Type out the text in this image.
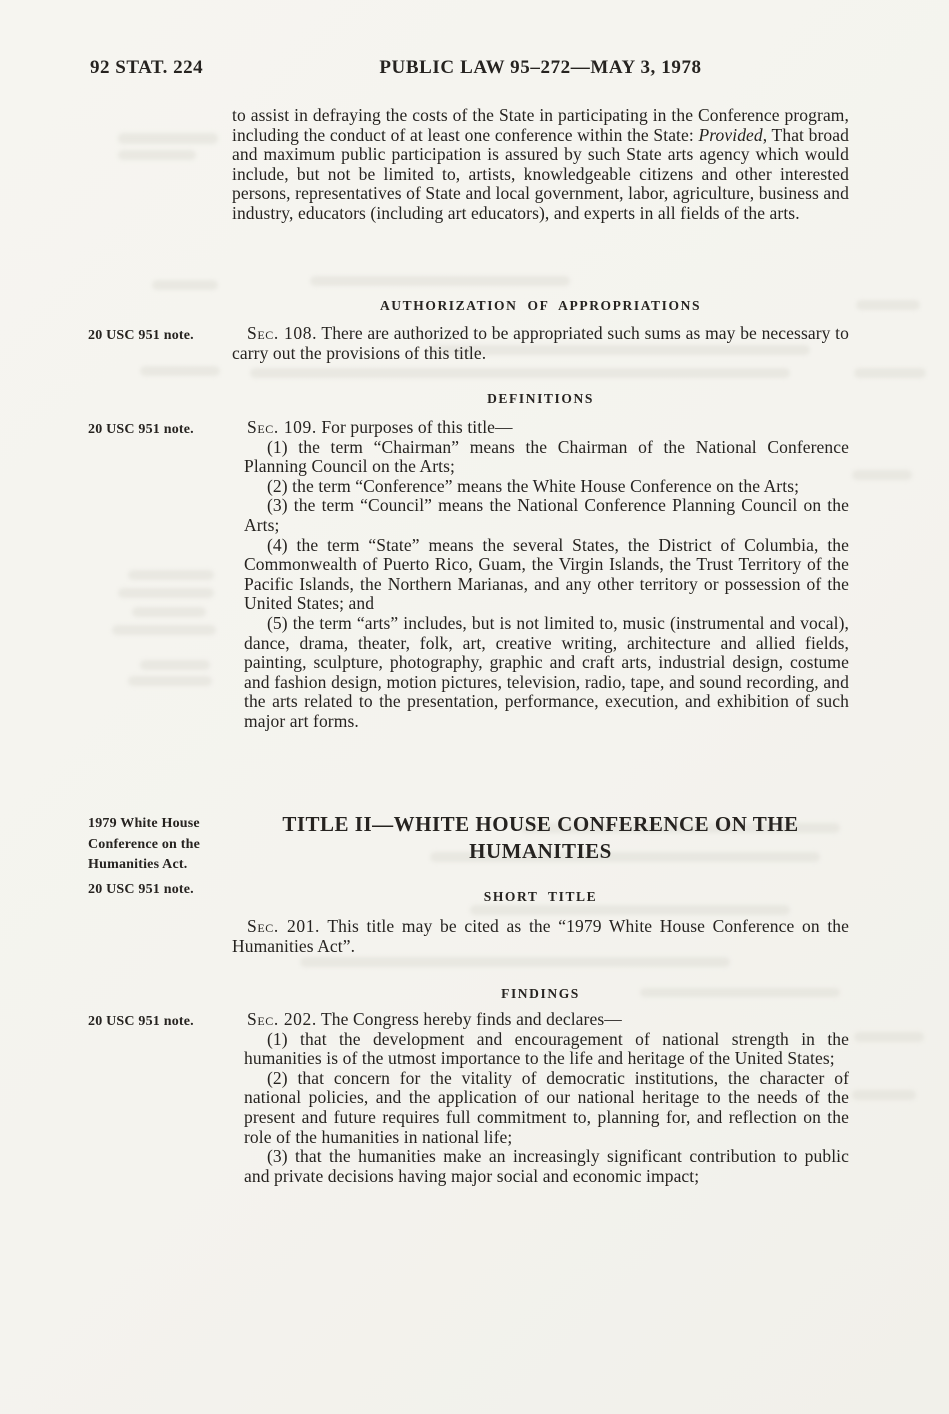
92 STAT. 224	PUBLIC LAW 95–272—MAY 3, 1978

to assist in defraying the costs of the State in participating in the Conference program, including the conduct of at least one conference within the State: Provided, That broad and maximum public participation is assured by such State arts agency which would include, but not be limited to, artists, knowledgeable citizens and other interested persons, representatives of State and local government, labor, agriculture, business and industry, educators (including art educators), and experts in all fields of the arts.

AUTHORIZATION OF APPROPRIATIONS

20 USC 951 note.	Sec. 108. There are authorized to be appropriated such sums as may be necessary to carry out the provisions of this title.

DEFINITIONS

20 USC 951 note.	Sec. 109. For purposes of this title—

(1) the term “Chairman” means the Chairman of the National Conference Planning Council on the Arts;

(2) the term “Conference” means the White House Conference on the Arts;

(3) the term “Council” means the National Conference Planning Council on the Arts;

(4) the term “State” means the several States, the District of Columbia, the Commonwealth of Puerto Rico, Guam, the Virgin Islands, the Trust Territory of the Pacific Islands, the Northern Marianas, and any other territory or possession of the United States; and

(5) the term “arts” includes, but is not limited to, music (instrumental and vocal), dance, drama, theater, folk, art, creative writing, architecture and allied fields, painting, sculpture, photography, graphic and craft arts, industrial design, costume and fashion design, motion pictures, television, radio, tape, and sound recording, and the arts related to the presentation, performance, execution, and exhibition of such major art forms.

1979 White House Conference on the Humanities Act.

20 USC 951 note.

TITLE II—WHITE HOUSE CONFERENCE ON THE
HUMANITIES
SHORT TITLE

Sec. 201. This title may be cited as the “1979 White House Conference on the Humanities Act”.

FINDINGS

20 USC 951 note.	Sec. 202. The Congress hereby finds and declares—

(1) that the development and encouragement of national strength in the humanities is of the utmost importance to the life and heritage of the United States;

(2) that concern for the vitality of democratic institutions, the character of national policies, and the application of our national heritage to the needs of the present and future requires full commitment to, planning for, and reflection on the role of the humanities in national life;

(3) that the humanities make an increasingly significant contribution to public and private decisions having major social and economic impact;
